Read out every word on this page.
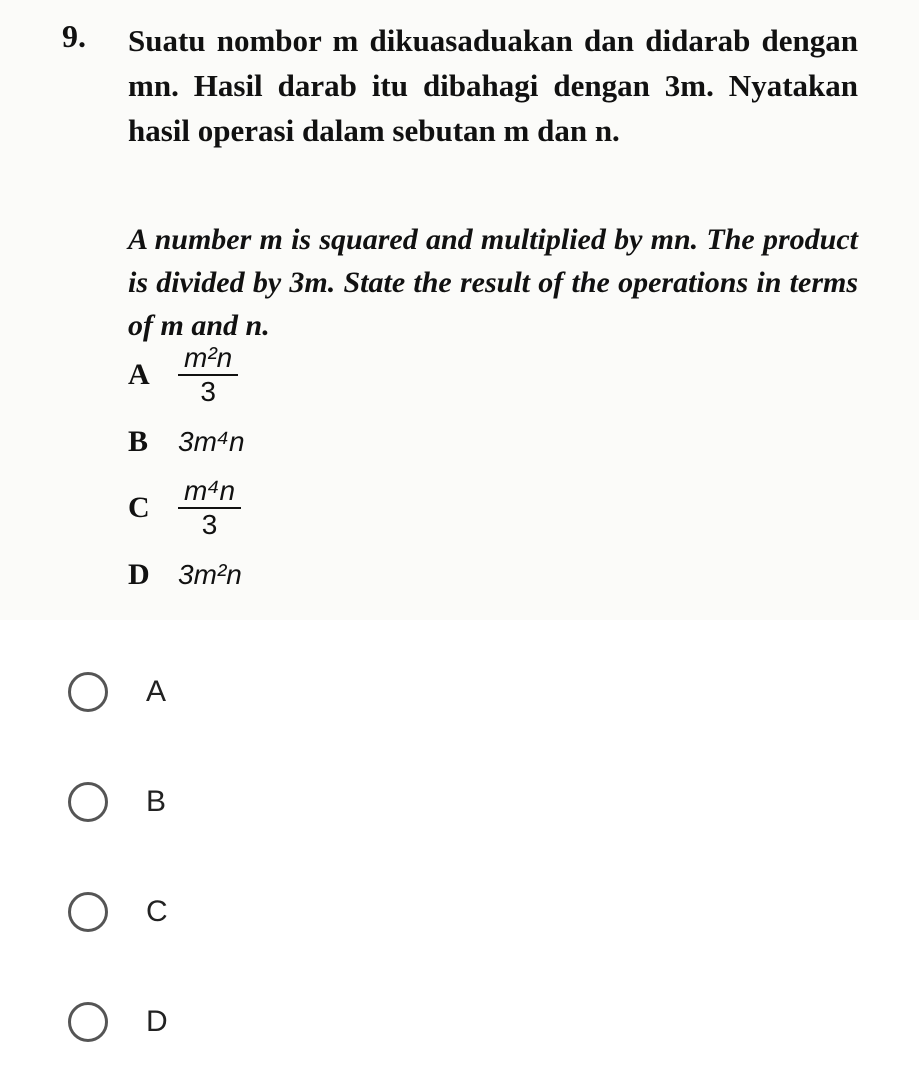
9. Suatu nombor m dikuasaduakan dan didarab dengan mn. Hasil darab itu dibahagi dengan 3m. Nyatakan hasil operasi dalam sebutan m dan n.
A number m is squared and multiplied by mn. The product is divided by 3m. State the result of the operations in terms of m and n.
A	$\frac{\text{m²n}}{3}$
B	3m⁴n
C	$\frac{\text{m⁴n}}{3}$
D	3m²n
A
B
C
D
